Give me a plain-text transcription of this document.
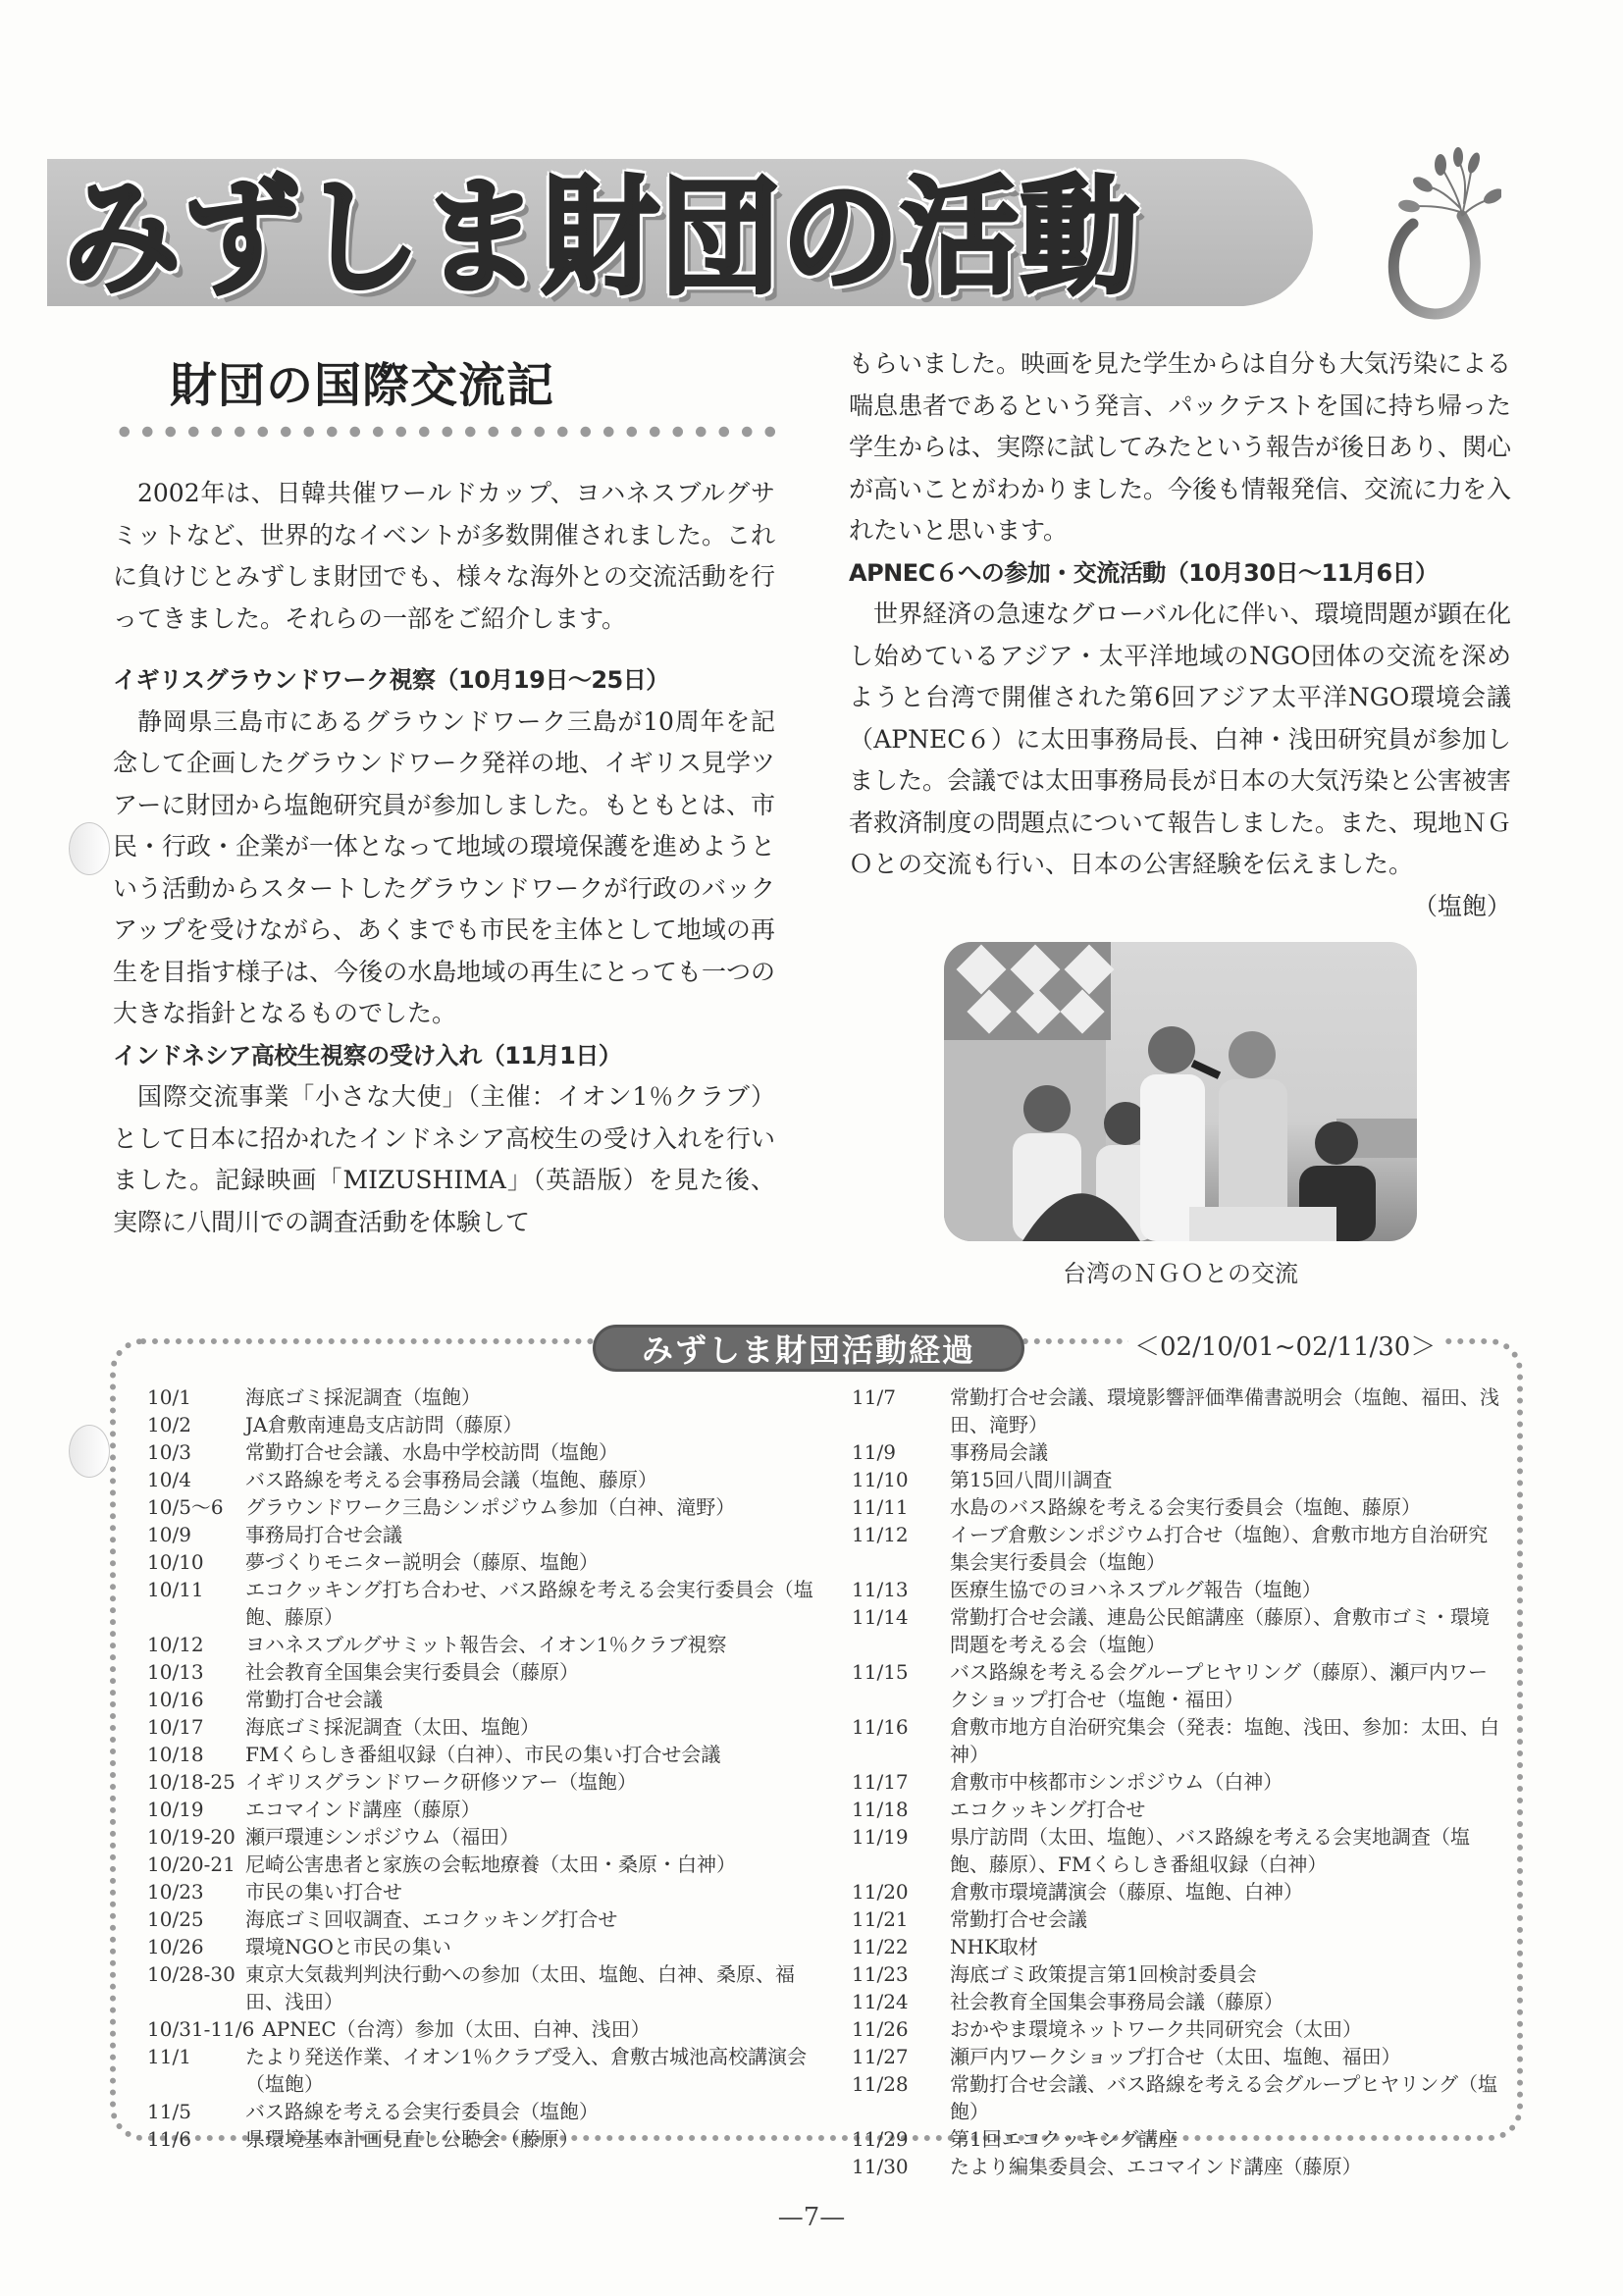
みずしま財団の活動
財団の国際交流記

2002年は、日韓共催ワールドカップ、ヨハネスブルグサミットなど、世界的なイベントが多数開催されました。これに負けじとみずしま財団でも、様々な海外との交流活動を行ってきました。それらの一部をご紹介します。

イギリスグラウンドワーク視察（10月19日～25日）

静岡県三島市にあるグラウンドワーク三島が10周年を記念して企画したグラウンドワーク発祥の地、イギリス見学ツアーに財団から塩飽研究員が参加しました。もともとは、市民・行政・企業が一体となって地域の環境保護を進めようという活動からスタートしたグラウンドワークが行政のバックアップを受けながら、あくまでも市民を主体として地域の再生を目指す様子は、今後の水島地域の再生にとっても一つの大きな指針となるものでした。

インドネシア高校生視察の受け入れ（11月1日）

国際交流事業「小さな大使」（主催：イオン1％クラブ）として日本に招かれたインドネシア高校生の受け入れを行いました。記録映画「MIZUSHIMA」（英語版）を見た後、実際に八間川での調査活動を体験して

もらいました。映画を見た学生からは自分も大気汚染による喘息患者であるという発言、パックテストを国に持ち帰った学生からは、実際に試してみたという報告が後日あり、関心が高いことがわかりました。今後も情報発信、交流に力を入れたいと思います。

APNEC６への参加・交流活動（10月30日～11月6日）

世界経済の急速なグローバル化に伴い、環境問題が顕在化し始めているアジア・太平洋地域のNGO団体の交流を深めようと台湾で開催された第6回アジア太平洋NGO環境会議（APNEC６）に太田事務局長、白神・浅田研究員が参加しました。会議では太田事務局長が日本の大気汚染と公害被害者救済制度の問題点について報告しました。また、現地ＮＧＯとの交流も行い、日本の公害経験を伝えました。
（塩飽）

台湾のＮＧＯとの交流
みずしま財団活動経過	＜02/10/01~02/11/30＞
10/1	海底ゴミ採泥調査（塩飽）
10/2	JA倉敷南連島支店訪問（藤原）
10/3	常勤打合せ会議、水島中学校訪問（塩飽）
10/4	バス路線を考える会事務局会議（塩飽、藤原）
10/5～6	グラウンドワーク三島シンポジウム参加（白神、滝野）
10/9	事務局打合せ会議
10/10	夢づくりモニター説明会（藤原、塩飽）
10/11	エコクッキング打ち合わせ、バス路線を考える会実行委員会（塩飽、藤原）
10/12	ヨハネスブルグサミット報告会、イオン1％クラブ視察
10/13	社会教育全国集会実行委員会（藤原）
10/16	常勤打合せ会議
10/17	海底ゴミ採泥調査（太田、塩飽）
10/18	FMくらしき番組収録（白神）、市民の集い打合せ会議
10/18-25 イギリスグランドワーク研修ツアー（塩飽）
10/19	エコマインド講座（藤原）
10/19-20 瀬戸環連シンポジウム（福田）
10/20-21 尼崎公害患者と家族の会転地療養（太田・桑原・白神）
10/23	市民の集い打合せ
10/25	海底ゴミ回収調査、エコクッキング打合せ
10/26	環境NGOと市民の集い
10/28-30 東京大気裁判判決行動への参加（太田、塩飽、白神、桑原、福田、浅田）
10/31-11/6 APNEC（台湾）参加（太田、白神、浅田）
11/1	たより発送作業、イオン1％クラブ受入、倉敷古城池高校講演会（塩飽）
11/5	バス路線を考える会実行委員会（塩飽）
11/6	県環境基本計画見直し公聴会（藤原）
11/7	常勤打合せ会議、環境影響評価準備書説明会（塩飽、福田、浅田、滝野）
11/9	事務局会議
11/10	第15回八間川調査
11/11	水島のバス路線を考える会実行委員会（塩飽、藤原）
11/12	イーブ倉敷シンポジウム打合せ（塩飽）、倉敷市地方自治研究集会実行委員会（塩飽）
11/13	医療生協でのヨハネスブルグ報告（塩飽）
11/14	常勤打合せ会議、連島公民館講座（藤原）、倉敷市ゴミ・環境問題を考える会（塩飽）
11/15	バス路線を考える会グループヒヤリング（藤原）、瀬戸内ワークショップ打合せ（塩飽・福田）
11/16	倉敷市地方自治研究集会（発表：塩飽、浅田、参加：太田、白神）
11/17	倉敷市中核都市シンポジウム（白神）
11/18	エコクッキング打合せ
11/19	県庁訪問（太田、塩飽）、バス路線を考える会実地調査（塩飽、藤原）、FMくらしき番組収録（白神）
11/20	倉敷市環境講演会（藤原、塩飽、白神）
11/21	常勤打合せ会議
11/22	NHK取材
11/23	海底ゴミ政策提言第1回検討委員会
11/24	社会教育全国集会事務局会議（藤原）
11/26	おかやま環境ネットワーク共同研究会（太田）
11/27	瀬戸内ワークショップ打合せ（太田、塩飽、福田）
11/28	常勤打合せ会議、バス路線を考える会グループヒヤリング（塩飽）
11/29	第1回エコクッキング講座
11/30	たより編集委員会、エコマインド講座（藤原）
—7—
